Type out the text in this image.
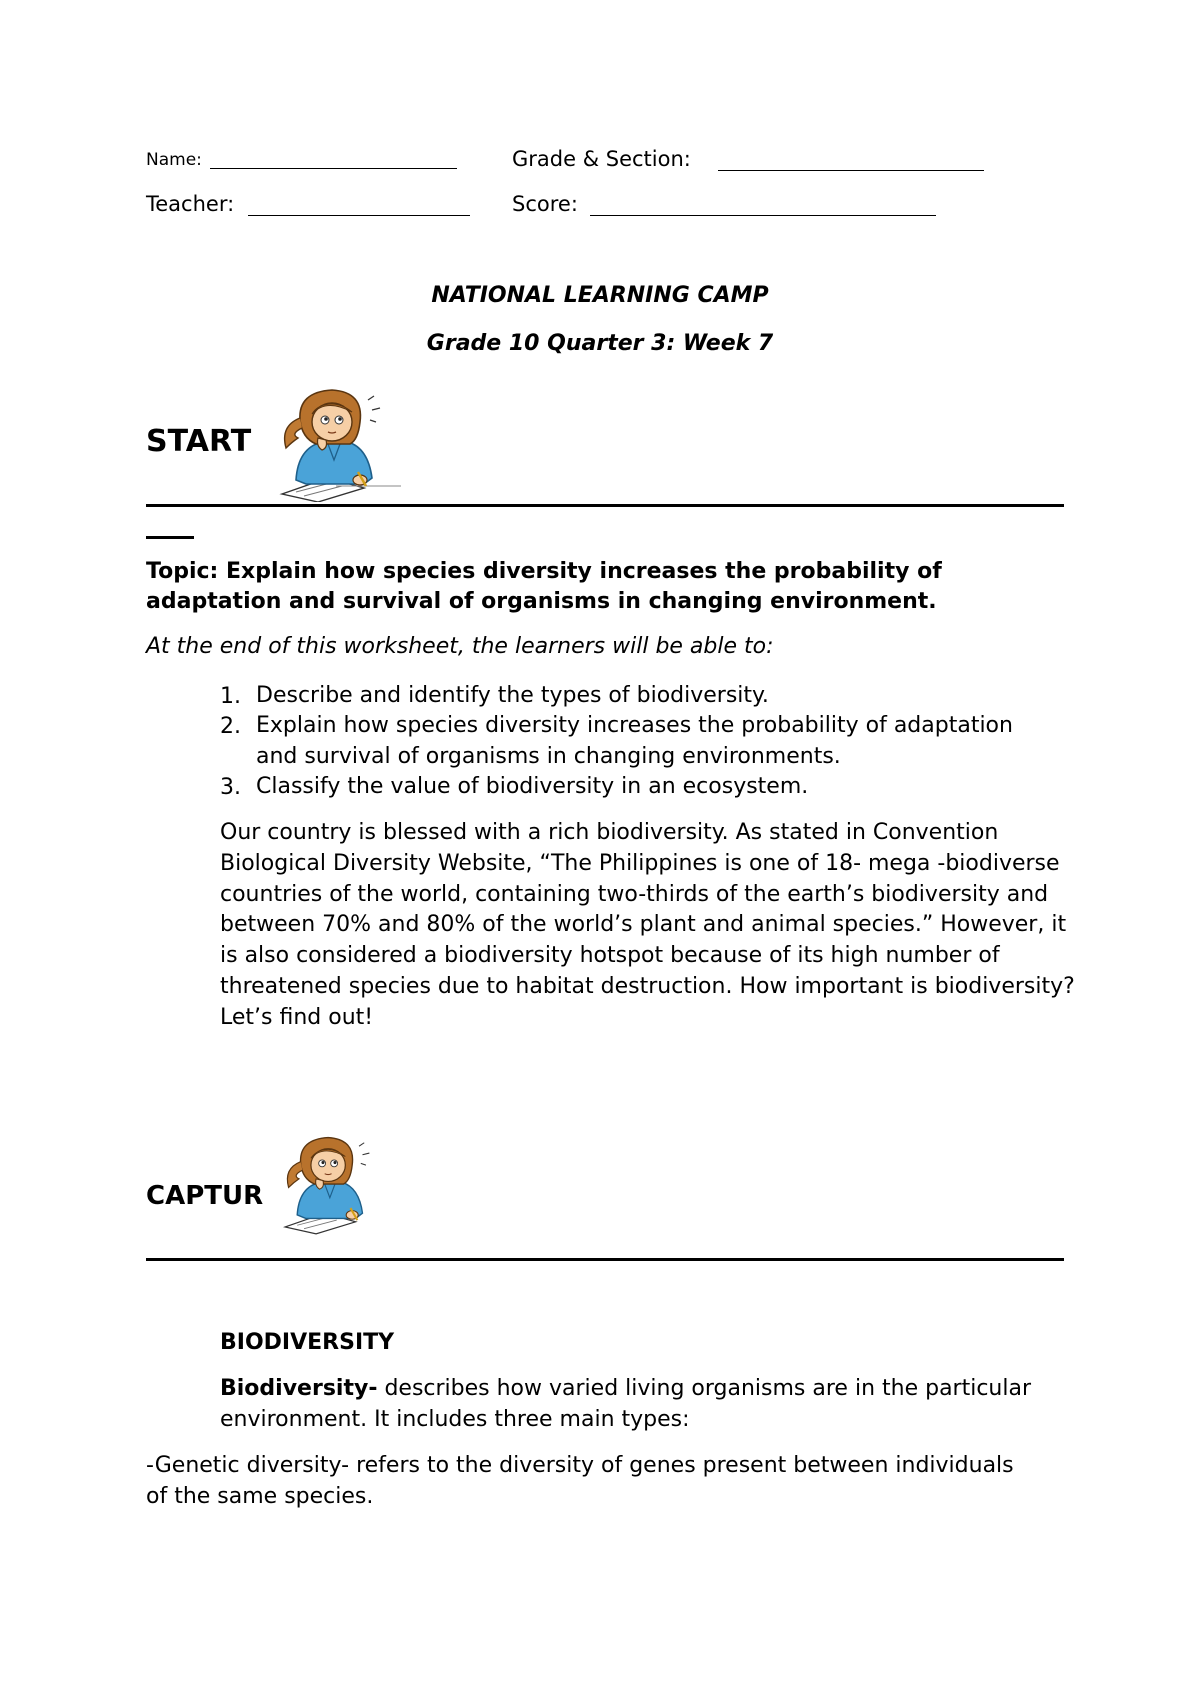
Name:	Grade & Section:
Teacher:	Score:
NATIONAL LEARNING CAMP
Grade 10 Quarter 3: Week 7
START
Topic: Explain how species diversity increases the probability of adaptation and survival of organisms in changing environment.
At the end of this worksheet, the learners will be able to:
1. Describe and identify the types of biodiversity.
2. Explain how species diversity increases the probability of adaptation and survival of organisms in changing environments.
3. Classify the value of biodiversity in an ecosystem.
Our country is blessed with a rich biodiversity. As stated in Convention Biological Diversity Website, “The Philippines is one of 18- mega -biodiverse countries of the world, containing two-thirds of the earth’s biodiversity and between 70% and 80% of the world’s plant and animal species.” However, it is also considered a biodiversity hotspot because of its high number of threatened species due to habitat destruction. How important is biodiversity? Let’s find out!
CAPTUR
BIODIVERSITY
Biodiversity- describes how varied living organisms are in the particular environment. It includes three main types:
-Genetic diversity- refers to the diversity of genes present between individuals of the same species.
